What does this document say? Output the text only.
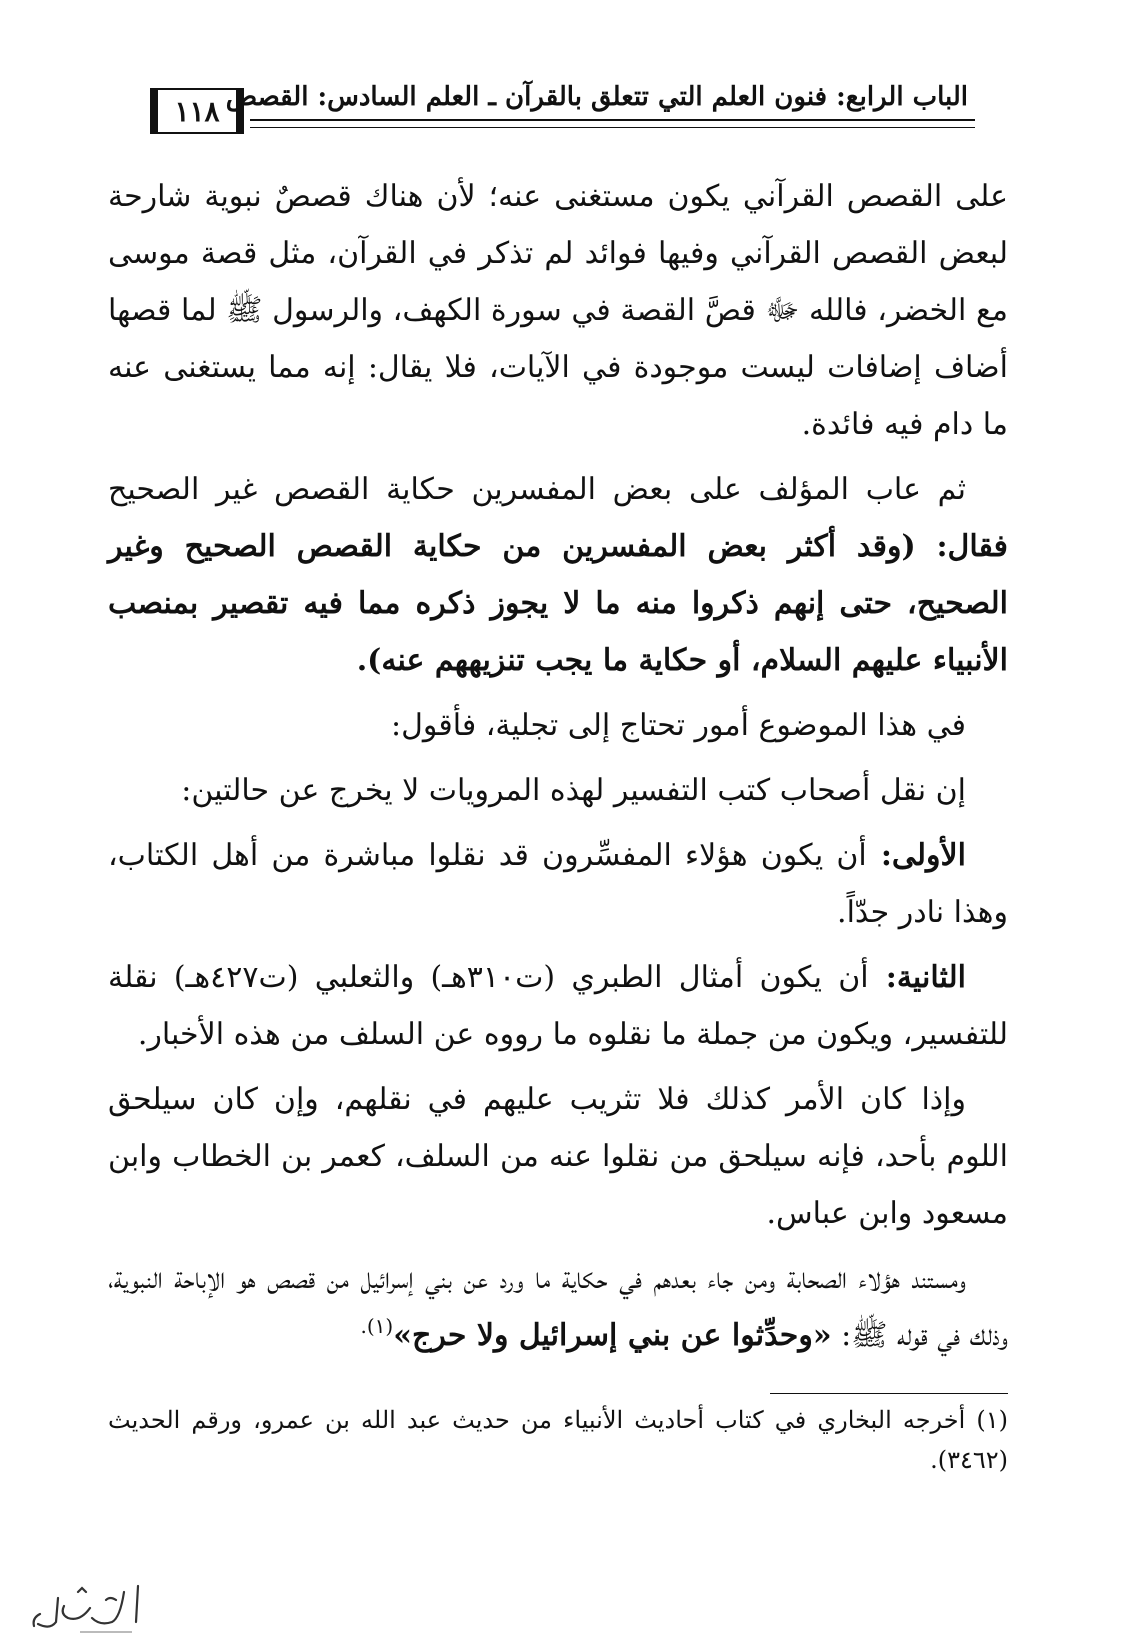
الباب الرابع: فنون العلم التي تتعلق بالقرآن ـ العلم السادس: القصص
١١٨

على القصص القرآني يكون مستغنى عنه؛ لأن هناك قصصٌ نبوية شارحة لبعض القصص القرآني وفيها فوائد لم تذكر في القرآن، مثل قصة موسى مع الخضر، فالله ﷻ قصَّ القصة في سورة الكهف، والرسول ﷺ لما قصها أضاف إضافات ليست موجودة في الآيات، فلا يقال: إنه مما يستغنى عنه ما دام فيه فائدة.

ثم عاب المؤلف على بعض المفسرين حكاية القصص غير الصحيح فقال: (وقد أكثر بعض المفسرين من حكاية القصص الصحيح وغير الصحيح، حتى إنهم ذكروا منه ما لا يجوز ذكره مما فيه تقصير بمنصب الأنبياء عليهم السلام، أو حكاية ما يجب تنزيههم عنه).

في هذا الموضوع أمور تحتاج إلى تجلية، فأقول:

إن نقل أصحاب كتب التفسير لهذه المرويات لا يخرج عن حالتين:

الأولى: أن يكون هؤلاء المفسِّرون قد نقلوا مباشرة من أهل الكتاب، وهذا نادر جدّاً.

الثانية: أن يكون أمثال الطبري (ت٣١٠هـ) والثعلبي (ت٤٢٧هـ) نقلة للتفسير، ويكون من جملة ما نقلوه ما رووه عن السلف من هذه الأخبار.

وإذا كان الأمر كذلك فلا تثريب عليهم في نقلهم، وإن كان سيلحق اللوم بأحد، فإنه سيلحق من نقلوا عنه من السلف، كعمر بن الخطاب وابن مسعود وابن عباس.

ومستند هؤلاء الصحابة ومن جاء بعدهم في حكاية ما ورد عن بني إسرائيل من قصص هو الإباحة النبوية، وذلك في قوله ﷺ: «وحدِّثوا عن بني إسرائيل ولا حرج»$^{(١).}$

(١) أخرجه البخاري في كتاب أحاديث الأنبياء من حديث عبد الله بن عمرو، ورقم الحديث (٣٤٦٢).
